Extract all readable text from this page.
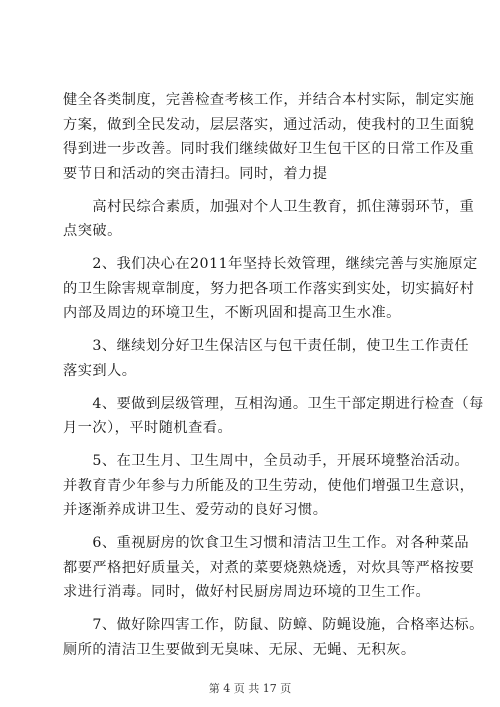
健全各类制度，完善检查考核工作，并结合本村实际，制定实施
方案，做到全民发动，层层落实，通过活动，使我村的卫生面貌
得到进一步改善。同时我们继续做好卫生包干区的日常工作及重
要节日和活动的突击清扫。同时，着力提
　　高村民综合素质，加强对个人卫生教育，抓住薄弱环节，重
点突破。
　　2、我们决心在2011年坚持长效管理，继续完善与实施原定
的卫生除害规章制度，努力把各项工作落实到实处，切实搞好村
内部及周边的环境卫生，不断巩固和提高卫生水准。
　　3、继续划分好卫生保洁区与包干责任制，使卫生工作责任
落实到人。
　　4、要做到层级管理，互相沟通。卫生干部定期进行检查（每
月一次），平时随机查看。
　　5、在卫生月、卫生周中，全员动手，开展环境整治活动。
并教育青少年参与力所能及的卫生劳动，使他们增强卫生意识，
并逐渐养成讲卫生、爱劳动的良好习惯。
　　6、重视厨房的饮食卫生习惯和清洁卫生工作。对各种菜品
都要严格把好质量关，对煮的菜要烧熟烧透，对炊具等严格按要
求进行消毒。同时，做好村民厨房周边环境的卫生工作。
　　7、做好除四害工作，防鼠、防蟑、防蝇设施，合格率达标。
厕所的清洁卫生要做到无臭味、无尿、无蝇、无积灰。
第 4 页 共 17 页
